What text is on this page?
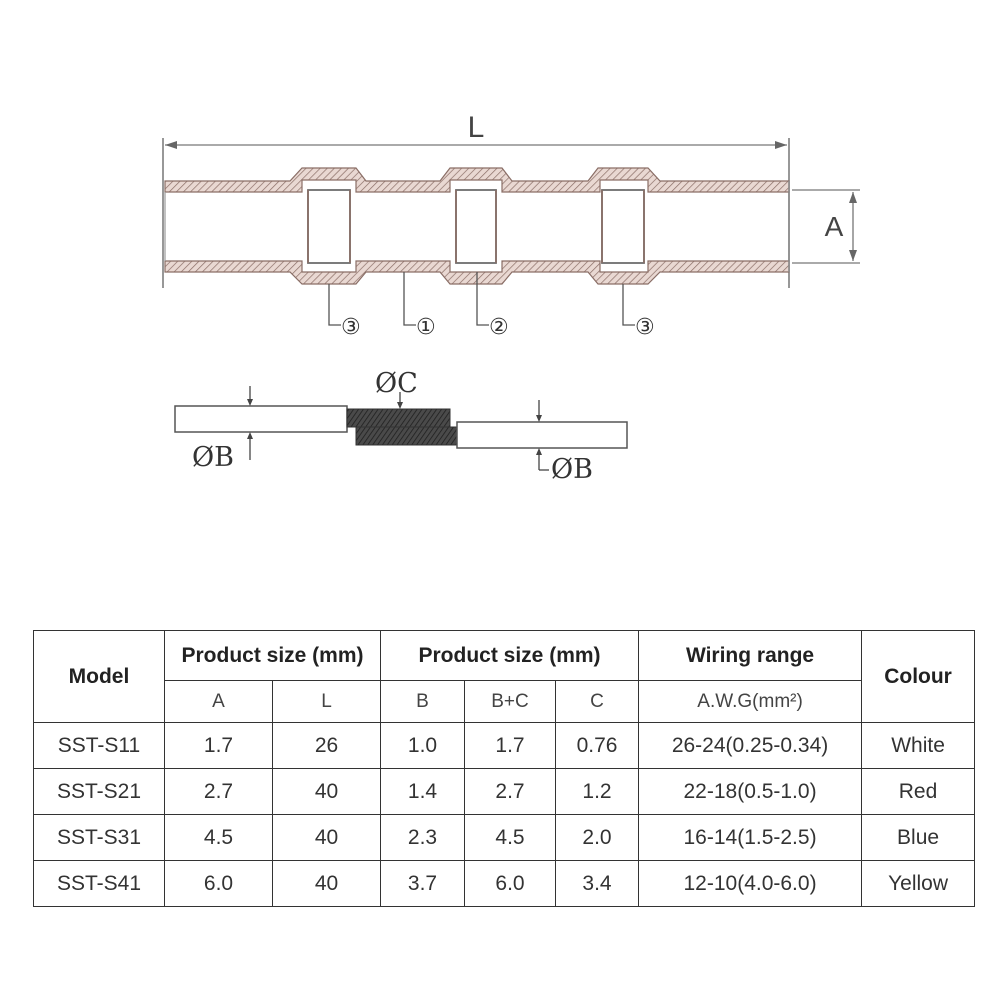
L
A
③	① ②	③
ØB
ØC
ØB
Model	Product size (mm)		Product size (mm)			Wiring range	Colour
	A	L	B	B+C	C	A.W.G(mm²)	
SST-S11	1.7	26	1.0	1.7	0.76	26-24(0.25-0.34)	White
SST-S21	2.7	40	1.4	2.7	1.2	22-18(0.5-1.0)	Red
SST-S31	4.5	40	2.3	4.5	2.0	16-14(1.5-2.5)	Blue
SST-S41	6.0	40	3.7	6.0	3.4	12-10(4.0-6.0)	Yellow
